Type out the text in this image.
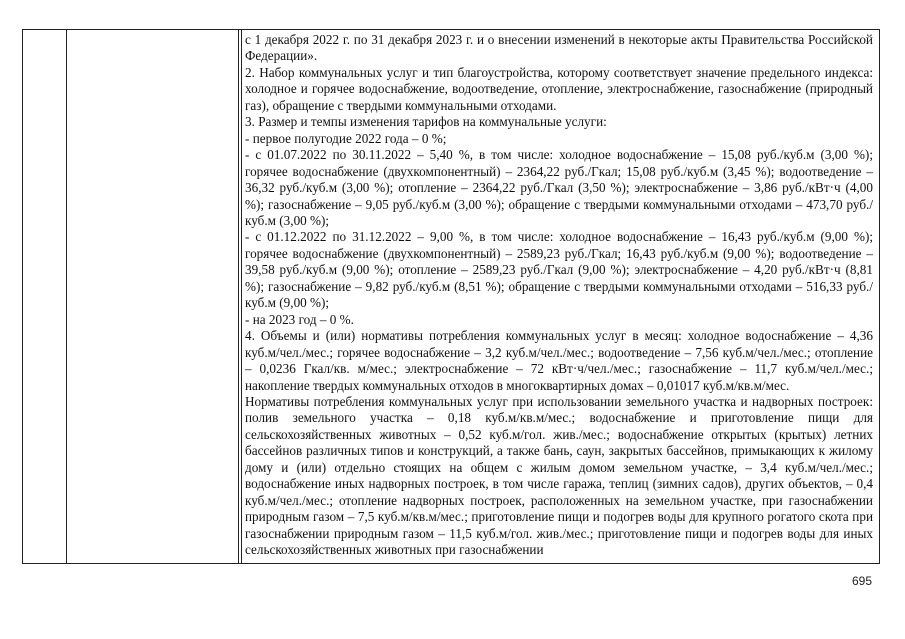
с 1 декабря 2022 г. по 31 декабря 2023 г. и о внесении изменений в некоторые акты Правительства Российской Федерации».

2. Набор коммунальных услуг и тип благоустройства, которому соответствует значение предельного индекса: холодное и горячее водоснабжение, водоотведение, отопление, электроснабжение, газоснабжение (природный газ), обращение с твердыми коммунальными отходами.

3. Размер и темпы изменения тарифов на коммунальные услуги:

- первое полугодие 2022 года – 0 %;

- с 01.07.2022 по 30.11.2022 – 5,40 %, в том числе: холодное водоснабжение – 15,08 руб./куб.м (3,00 %); горячее водоснабжение (двухкомпонентный) – 2364,22 руб./Гкал; 15,08 руб./куб.м (3,45 %); водоотведение – 36,32 руб./куб.м (3,00 %); отопление – 2364,22 руб./Гкал (3,50 %); электроснабжение – 3,86 руб./кВт·ч (4,00 %); газоснабжение – 9,05 руб./куб.м (3,00 %); обращение с твердыми коммунальными отходами – 473,70 руб./куб.м (3,00 %);

- с 01.12.2022 по 31.12.2022 – 9,00 %, в том числе: холодное водоснабжение – 16,43 руб./куб.м (9,00 %); горячее водоснабжение (двухкомпонентный) – 2589,23 руб./Гкал; 16,43 руб./куб.м (9,00 %); водоотведение – 39,58 руб./куб.м (9,00 %); отопление – 2589,23 руб./Гкал (9,00 %); электроснабжение – 4,20 руб./кВт·ч (8,81 %); газоснабжение – 9,82 руб./куб.м (8,51 %); обращение с твердыми коммунальными отходами – 516,33 руб./куб.м (9,00 %);

- на 2023 год – 0 %.

4. Объемы и (или) нормативы потребления коммунальных услуг в месяц: холодное водоснабжение – 4,36 куб.м/чел./мес.; горячее водоснабжение – 3,2 куб.м/чел./мес.; водоотведение – 7,56 куб.м/чел./мес.; отопление – 0,0236 Гкал/кв. м/мес.; электроснабжение – 72 кВт·ч/чел./мес.; газоснабжение – 11,7 куб.м/чел./мес.; накопление твердых коммунальных отходов в многоквартирных домах – 0,01017 куб.м/кв.м/мес.

Нормативы потребления коммунальных услуг при использовании земельного участка и надворных построек: полив земельного участка – 0,18 куб.м/кв.м/мес.; водоснабжение и приготовление пищи для сельскохозяйственных животных – 0,52 куб.м/гол. жив./мес.; водоснабжение открытых (крытых) летних бассейнов различных типов и конструкций, а также бань, саун, закрытых бассейнов, примыкающих к жилому дому и (или) отдельно стоящих на общем с жилым домом земельном участке, – 3,4 куб.м/чел./мес.; водоснабжение иных надворных построек, в том числе гаража, теплиц (зимних садов), других объектов, – 0,4 куб.м/чел./мес.; отопление надворных построек, расположенных на земельном участке, при газоснабжении природным газом – 7,5 куб.м/кв.м/мес.; приготовление пищи и подогрев воды для крупного рогатого скота при газоснабжении природным газом – 11,5 куб.м/гол. жив./мес.; приготовление пищи и подогрев воды для иных сельскохозяйственных животных при газоснабжении

695
